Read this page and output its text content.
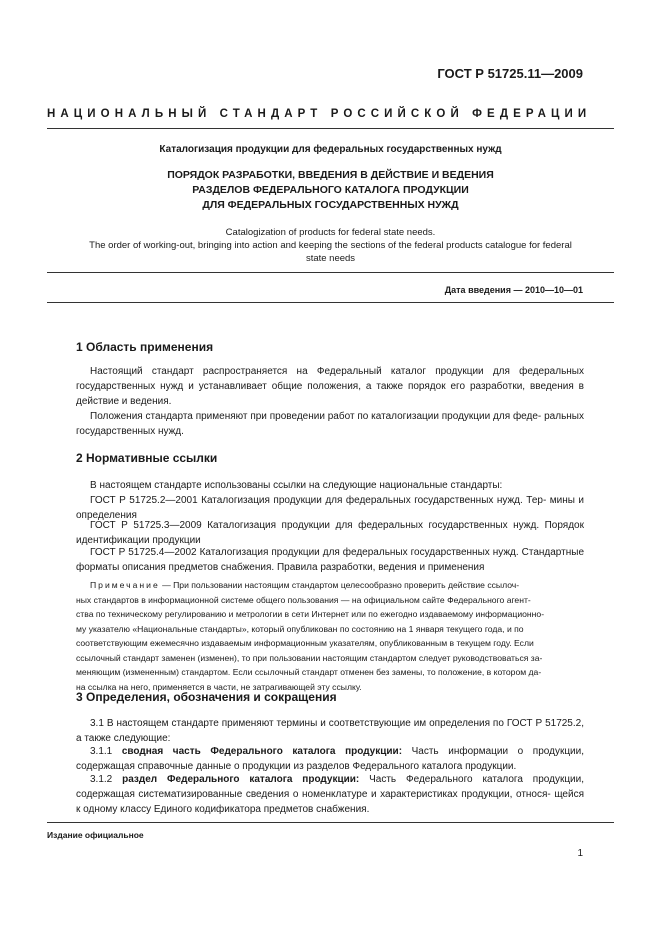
ГОСТ Р 51725.11—2009
НАЦИОНАЛЬНЫЙ СТАНДАРТ РОССИЙСКОЙ ФЕДЕРАЦИИ
Каталогизация продукции для федеральных государственных нужд
ПОРЯДОК РАЗРАБОТКИ, ВВЕДЕНИЯ В ДЕЙСТВИЕ И ВЕДЕНИЯ
РАЗДЕЛОВ ФЕДЕРАЛЬНОГО КАТАЛОГА ПРОДУКЦИИ
ДЛЯ ФЕДЕРАЛЬНЫХ ГОСУДАРСТВЕННЫХ НУЖД
Catalogization of products for federal state needs.
The order of working-out, bringing into action and keeping the sections of the federal products catalogue for federal
state needs
Дата введения — 2010—10—01
1 Область применения
Настоящий стандарт распространяется на Федеральный каталог продукции для федеральных государственных нужд и устанавливает общие положения, а также порядок его разработки, введения в действие и ведения.
Положения стандарта применяют при проведении работ по каталогизации продукции для феде- ральных государственных нужд.
2 Нормативные ссылки
В настоящем стандарте использованы ссылки на следующие национальные стандарты:
ГОСТ Р 51725.2—2001 Каталогизация продукции для федеральных государственных нужд. Тер- мины и определения
ГОСТ Р 51725.3—2009 Каталогизация продукции для федеральных государственных нужд. Порядок идентификации продукции
ГОСТ Р 51725.4—2002 Каталогизация продукции для федеральных государственных нужд. Стандартные форматы описания предметов снабжения. Правила разработки, ведения и применения
Примечание — При пользовании настоящим стандартом целесообразно проверить действие ссылоч-
ных стандартов в информационной системе общего пользования — на официальном сайте Федерального агент-
ства по техническому регулированию и метрологии в сети Интернет или по ежегодно издаваемому информационно-
му указателю «Национальные стандарты», который опубликован по состоянию на 1 января текущего года, и по
соответствующим ежемесячно издаваемым информационным указателям, опубликованным в текущем году. Если
ссылочный стандарт заменен (изменен), то при пользовании настоящим стандартом следует руководствоваться за-
меняющим (измененным) стандартом. Если ссылочный стандарт отменен без замены, то положение, в котором да-
на ссылка на него, применяется в части, не затрагивающей эту ссылку.
3 Определения, обозначения и сокращения
3.1 В настоящем стандарте применяют термины и соответствующие им определения по ГОСТ Р 51725.2, а также следующие:
3.1.1 сводная часть Федерального каталога продукции: Часть информации о продукции, содержащая справочные данные о продукции из разделов Федерального каталога продукции.
3.1.2 раздел Федерального каталога продукции: Часть Федерального каталога продукции, содержащая систематизированные сведения о номенклатуре и характеристиках продукции, относя- щейся к одному классу Единого кодификатора предметов снабжения.
Издание официальное
1
